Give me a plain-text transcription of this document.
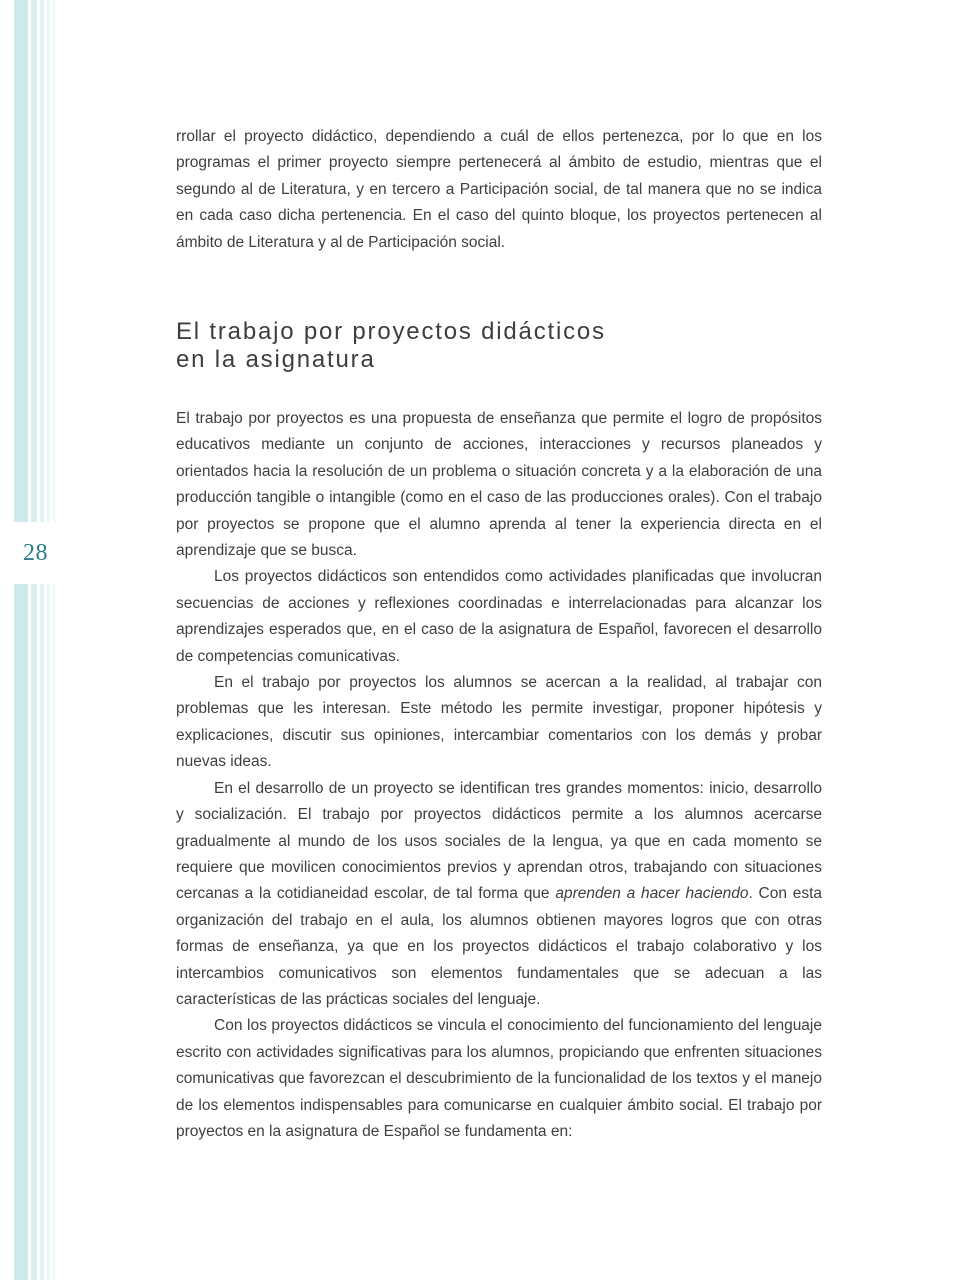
28

rrollar el proyecto didáctico, dependiendo a cuál de ellos pertenezca, por lo que en los programas el primer proyecto siempre pertenecerá al ámbito de estudio, mientras que el segundo al de Literatura, y en tercero a Participación social, de tal manera que no se indica en cada caso dicha pertenencia. En el caso del quinto bloque, los proyectos pertenecen al ámbito de Literatura y al de Participación social.

El trabajo por proyectos didácticos
en la asignatura

El trabajo por proyectos es una propuesta de enseñanza que permite el logro de propósitos educativos mediante un conjunto de acciones, interacciones y recursos planeados y orientados hacia la resolución de un problema o situación concreta y a la elaboración de una producción tangible o intangible (como en el caso de las producciones orales). Con el trabajo por proyectos se propone que el alumno aprenda al tener la experiencia directa en el aprendizaje que se busca.

Los proyectos didácticos son entendidos como actividades planificadas que involucran secuencias de acciones y reflexiones coordinadas e interrelacionadas para alcanzar los aprendizajes esperados que, en el caso de la asignatura de Español, favorecen el desarrollo de competencias comunicativas.

En el trabajo por proyectos los alumnos se acercan a la realidad, al trabajar con problemas que les interesan. Este método les permite investigar, proponer hipótesis y explicaciones, discutir sus opiniones, intercambiar comentarios con los demás y probar nuevas ideas.

En el desarrollo de un proyecto se identifican tres grandes momentos: inicio, desarrollo y socialización. El trabajo por proyectos didácticos permite a los alumnos acercarse gradualmente al mundo de los usos sociales de la lengua, ya que en cada momento se requiere que movilicen conocimientos previos y aprendan otros, trabajando con situaciones cercanas a la cotidianeidad escolar, de tal forma que aprenden a hacer haciendo. Con esta organización del trabajo en el aula, los alumnos obtienen mayores logros que con otras formas de enseñanza, ya que en los proyectos didácticos el trabajo colaborativo y los intercambios comunicativos son elementos fundamentales que se adecuan a las características de las prácticas sociales del lenguaje.

Con los proyectos didácticos se vincula el conocimiento del funcionamiento del lenguaje escrito con actividades significativas para los alumnos, propiciando que enfrenten situaciones comunicativas que favorezcan el descubrimiento de la funcionalidad de los textos y el manejo de los elementos indispensables para comunicarse en cualquier ámbito social. El trabajo por proyectos en la asignatura de Español se fundamenta en:
